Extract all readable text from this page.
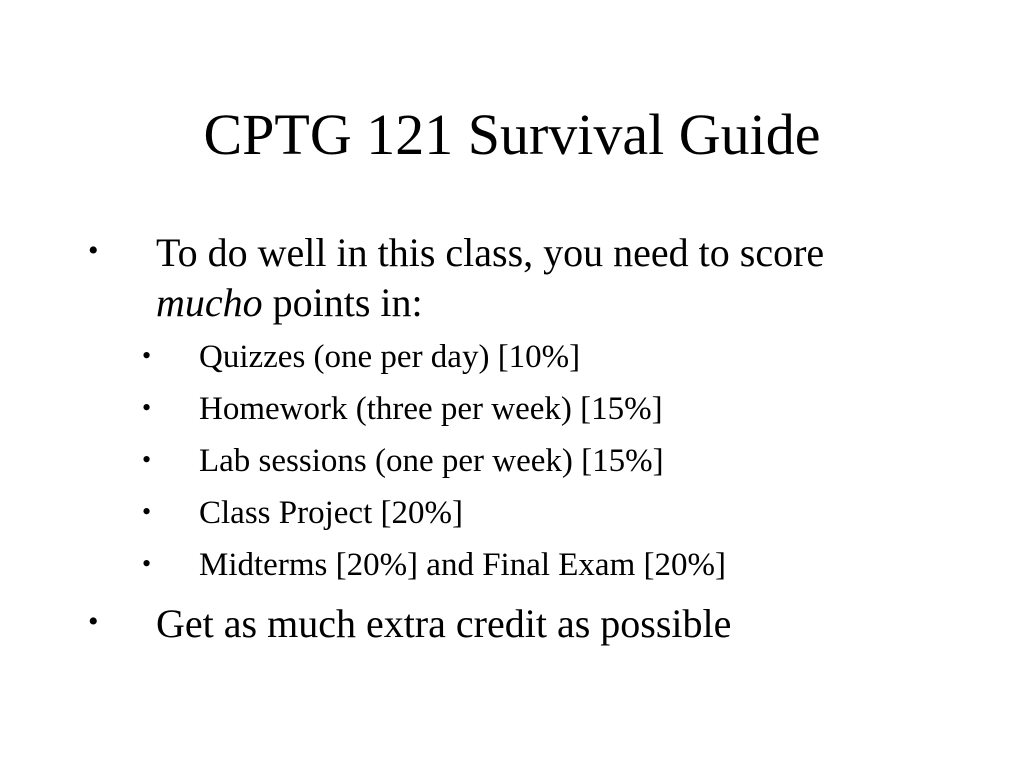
CPTG 121 Survival Guide
• To do well in this class, you need to score
mucho points in:
• Quizzes (one per day) [10%]
• Homework (three per week) [15%]
• Lab sessions (one per week) [15%]
• Class Project [20%]
• Midterms [20%] and Final Exam [20%]
• Get as much extra credit as possible
